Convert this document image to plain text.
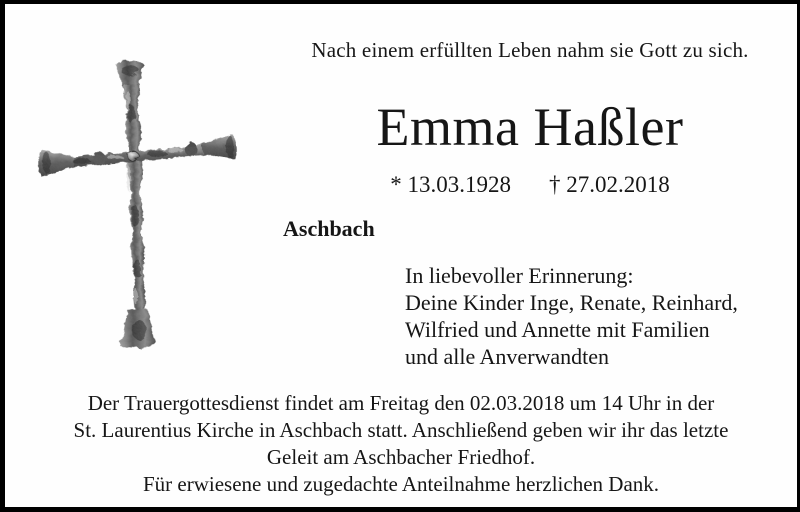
Nach einem erfüllten Leben nahm sie Gott zu sich.
Emma Haßler
* 13.03.1928 † 27.02.2018
Aschbach
In liebevoller Erinnerung:
Deine Kinder Inge, Renate, Reinhard,
Wilfried und Annette mit Familien
und alle Anverwandten
Der Trauergottesdienst findet am Freitag den 02.03.2018 um 14 Uhr in der
St. Laurentius Kirche in Aschbach statt. Anschließend geben wir ihr das letzte
Geleit am Aschbacher Friedhof.
Für erwiesene und zugedachte Anteilnahme herzlichen Dank.
